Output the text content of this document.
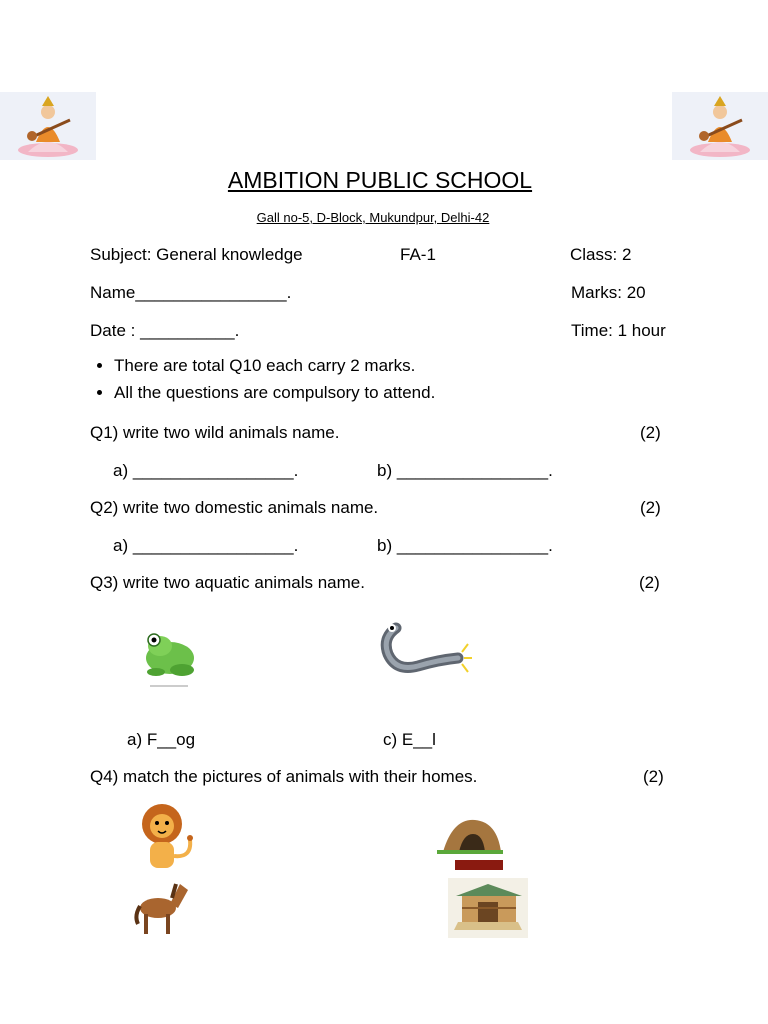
AMBITION PUBLIC SCHOOL
Gall no-5, D-Block, Mukundpur, Delhi-42
Subject: General knowledge	FA-1	Class: 2
Name________________.	Marks: 20
Date : __________.	Time: 1 hour
• There are total Q10 each carry 2 marks.
• All the questions are compulsory to attend.
Q1) write two wild animals name.	(2)
a) _________________.	b) ________________.
Q2) write two domestic animals name.	(2)
a) _________________.	b) ________________.
Q3) write two aquatic animals name.	(2)
a) F__og	c) E__l
Q4) match the pictures of animals with their homes.	(2)
